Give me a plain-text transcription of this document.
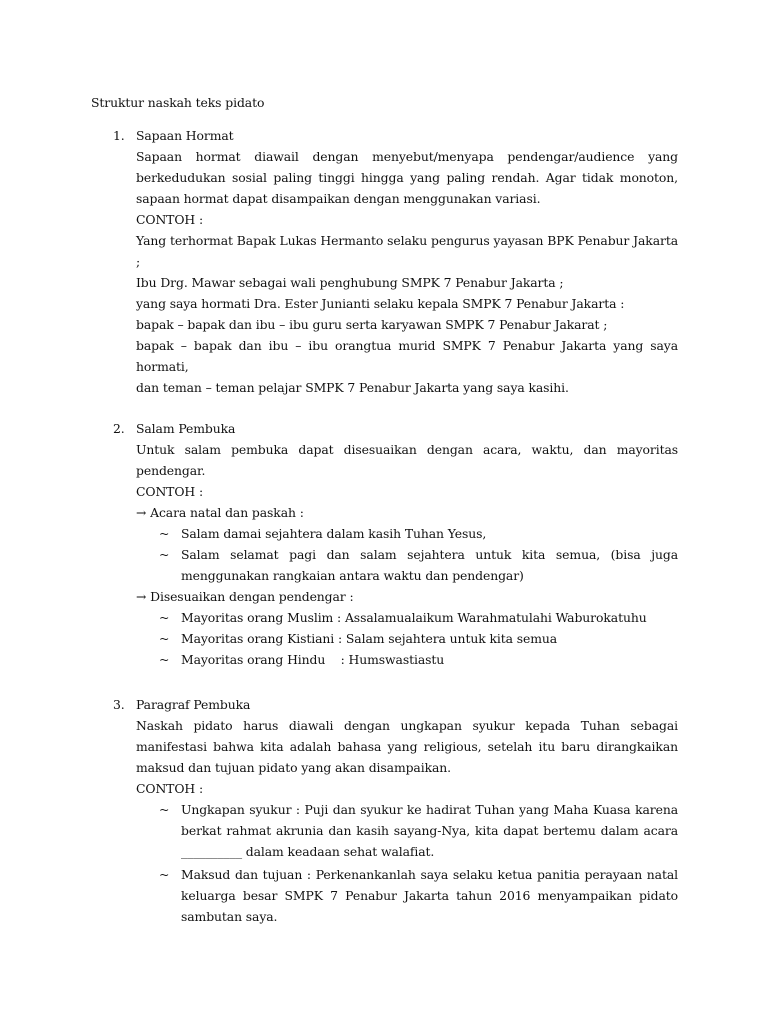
Struktur naskah teks pidato
1. Sapaan Hormat
Sapaan hormat diawail dengan menyebut/menyapa pendengar/audience yang berkedudukan sosial paling tinggi hingga yang paling rendah. Agar tidak monoton, sapaan hormat dapat disampaikan dengan menggunakan variasi.
CONTOH :
Yang terhormat Bapak Lukas Hermanto selaku pengurus yayasan BPK Penabur Jakarta ;
Ibu Drg. Mawar sebagai wali penghubung SMPK 7 Penabur Jakarta ;
yang saya hormati Dra. Ester Junianti selaku kepala SMPK 7 Penabur Jakarta :
bapak – bapak dan ibu – ibu guru serta karyawan SMPK 7 Penabur Jakarat ;
bapak – bapak dan ibu – ibu orangtua murid SMPK 7 Penabur Jakarta yang saya hormati,
dan teman – teman pelajar SMPK 7 Penabur Jakarta yang saya kasihi.
2. Salam Pembuka
Untuk salam pembuka dapat disesuaikan dengan acara, waktu, dan mayoritas pendengar.
CONTOH :
→ Acara natal dan paskah :
~ Salam damai sejahtera dalam kasih Tuhan Yesus,
~ Salam selamat pagi dan salam sejahtera untuk kita semua, (bisa juga menggunakan rangkaian antara waktu dan pendengar)
→ Disesuaikan dengan pendengar :
~ Mayoritas orang Muslim : Assalamualaikum Warahmatulahi Waburokatuhu
~ Mayoritas orang Kistiani : Salam sejahtera untuk kita semua
~ Mayoritas orang Hindu    : Humswastiastu
3. Paragraf Pembuka
Naskah pidato harus diawali dengan ungkapan syukur kepada Tuhan sebagai manifestasi bahwa kita adalah bahasa yang religious, setelah itu baru dirangkaikan maksud dan tujuan pidato yang akan disampaikan.
CONTOH :
~ Ungkapan syukur : Puji dan syukur ke hadirat Tuhan yang Maha Kuasa karena berkat rahmat akrunia dan kasih sayang-Nya, kita dapat bertemu dalam acara __________ dalam keadaan sehat walafiat.
~ Maksud dan tujuan : Perkenankanlah saya selaku ketua panitia perayaan natal keluarga besar SMPK 7 Penabur Jakarta tahun 2016 menyampaikan pidato sambutan saya.
